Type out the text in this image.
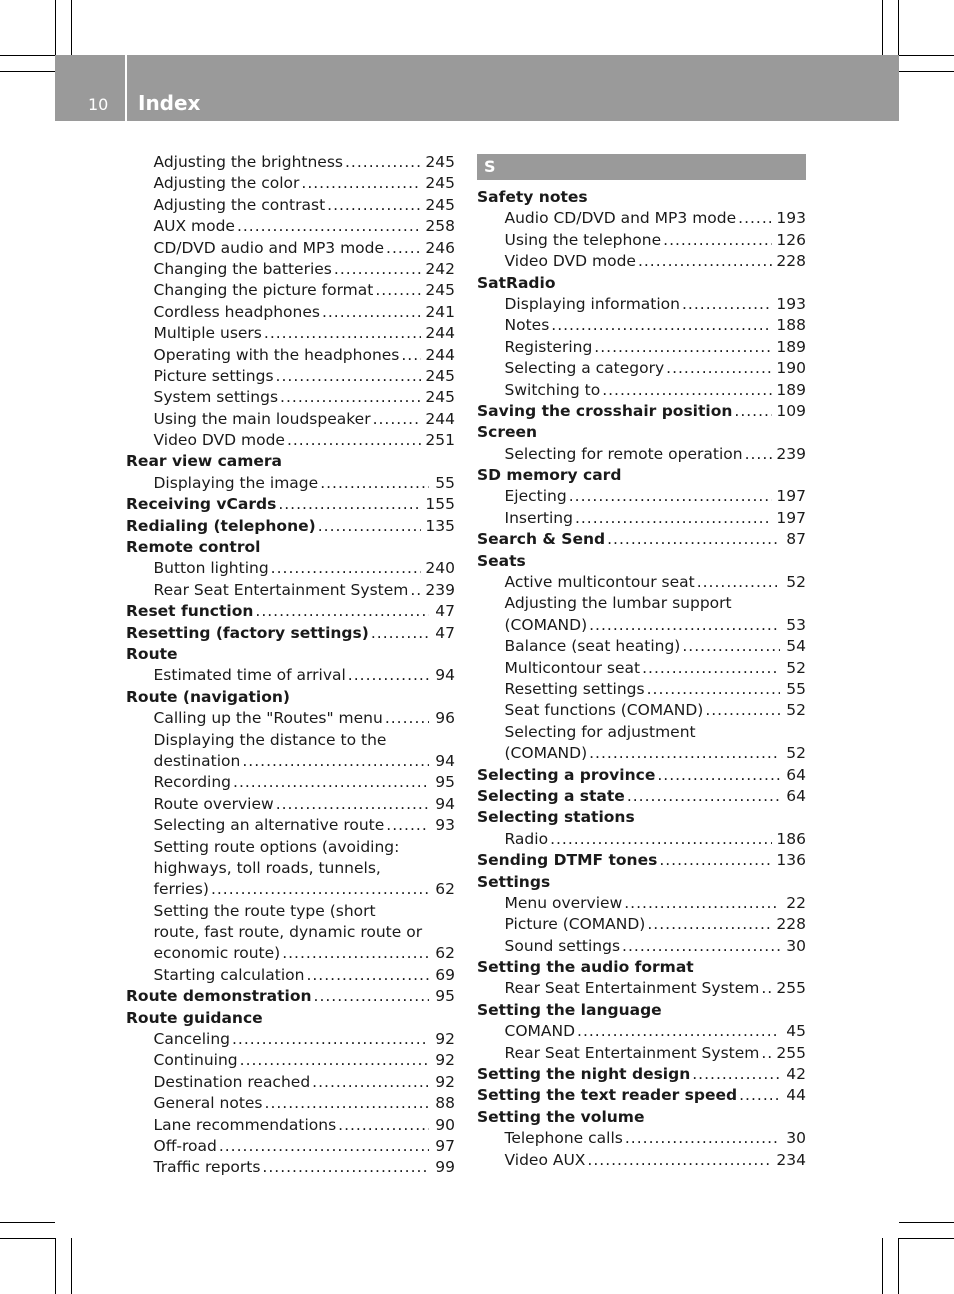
10 Index
Adjusting the brightness .....	245
Adjusting the color .....	245
Adjusting the contrast .....	245
AUX mode .....	258
CD/DVD audio and MP3 mode .....	246
Changing the batteries .....	242
Changing the picture format .....	245
Cordless headphones .....	241
Multiple users .....	244
Operating with the headphones ..... 244
Picture settings .....	245
System settings .....	245
Using the main loudspeaker .....	244
Video DVD mode .....	251
Rear view camera
Displaying the image .....	55
Receiving vCards .....	155
Redialing (telephone) .....	135
Remote control
Button lighting .....	240
Rear Seat Entertainment System ..... 239
Reset function .....	47
Resetting (factory settings) .....	47
Route
Estimated time of arrival .....	94
Route (navigation)
Calling up the "Routes" menu .....	96
Displaying the distance to the
destination .....	94
Recording .....	95
Route overview .....	94
Selecting an alternative route .....	93
Setting route options (avoiding:
highways, toll roads, tunnels,
ferries) .....	62
Setting the route type (short
route, fast route, dynamic route or
economic route) .....	62
Starting calculation .....	69
Route demonstration .....	95
Route guidance
Canceling .....	92
Continuing .....	92
Destination reached .....	92
General notes .....	88
Lane recommendations .....	90
Off-road .....	97
Traffic reports .....	99
S
Safety notes
Audio CD/DVD and MP3 mode .....	193
Using the telephone .....	126
Video DVD mode .....	228
SatRadio
Displaying information .....	193
Notes .....	188
Registering .....	189
Selecting a category .....	190
Switching to .....	189
Saving the crosshair position .....	109
Screen
Selecting for remote operation ..... 239
SD memory card
Ejecting .....	197
Inserting .....	197
Search & Send .....	87
Seats
Active multicontour seat .....	52
Adjusting the lumbar support
(COMAND) .....	53
Balance (seat heating) .....	54
Multicontour seat .....	52
Resetting settings .....	55
Seat functions (COMAND) .....	52
Selecting for adjustment
(COMAND) .....	52
Selecting a province .....	64
Selecting a state .....	64
Selecting stations
Radio .....	186
Sending DTMF tones .....	136
Settings
Menu overview .....	22
Picture (COMAND) .....	228
Sound settings .....	30
Setting the audio format
Rear Seat Entertainment System ..... 255
Setting the language
COMAND .....	45
Rear Seat Entertainment System ..... 255
Setting the night design .....	42
Setting the text reader speed .....	44
Setting the volume
Telephone calls .....	30
Video AUX .....	234
